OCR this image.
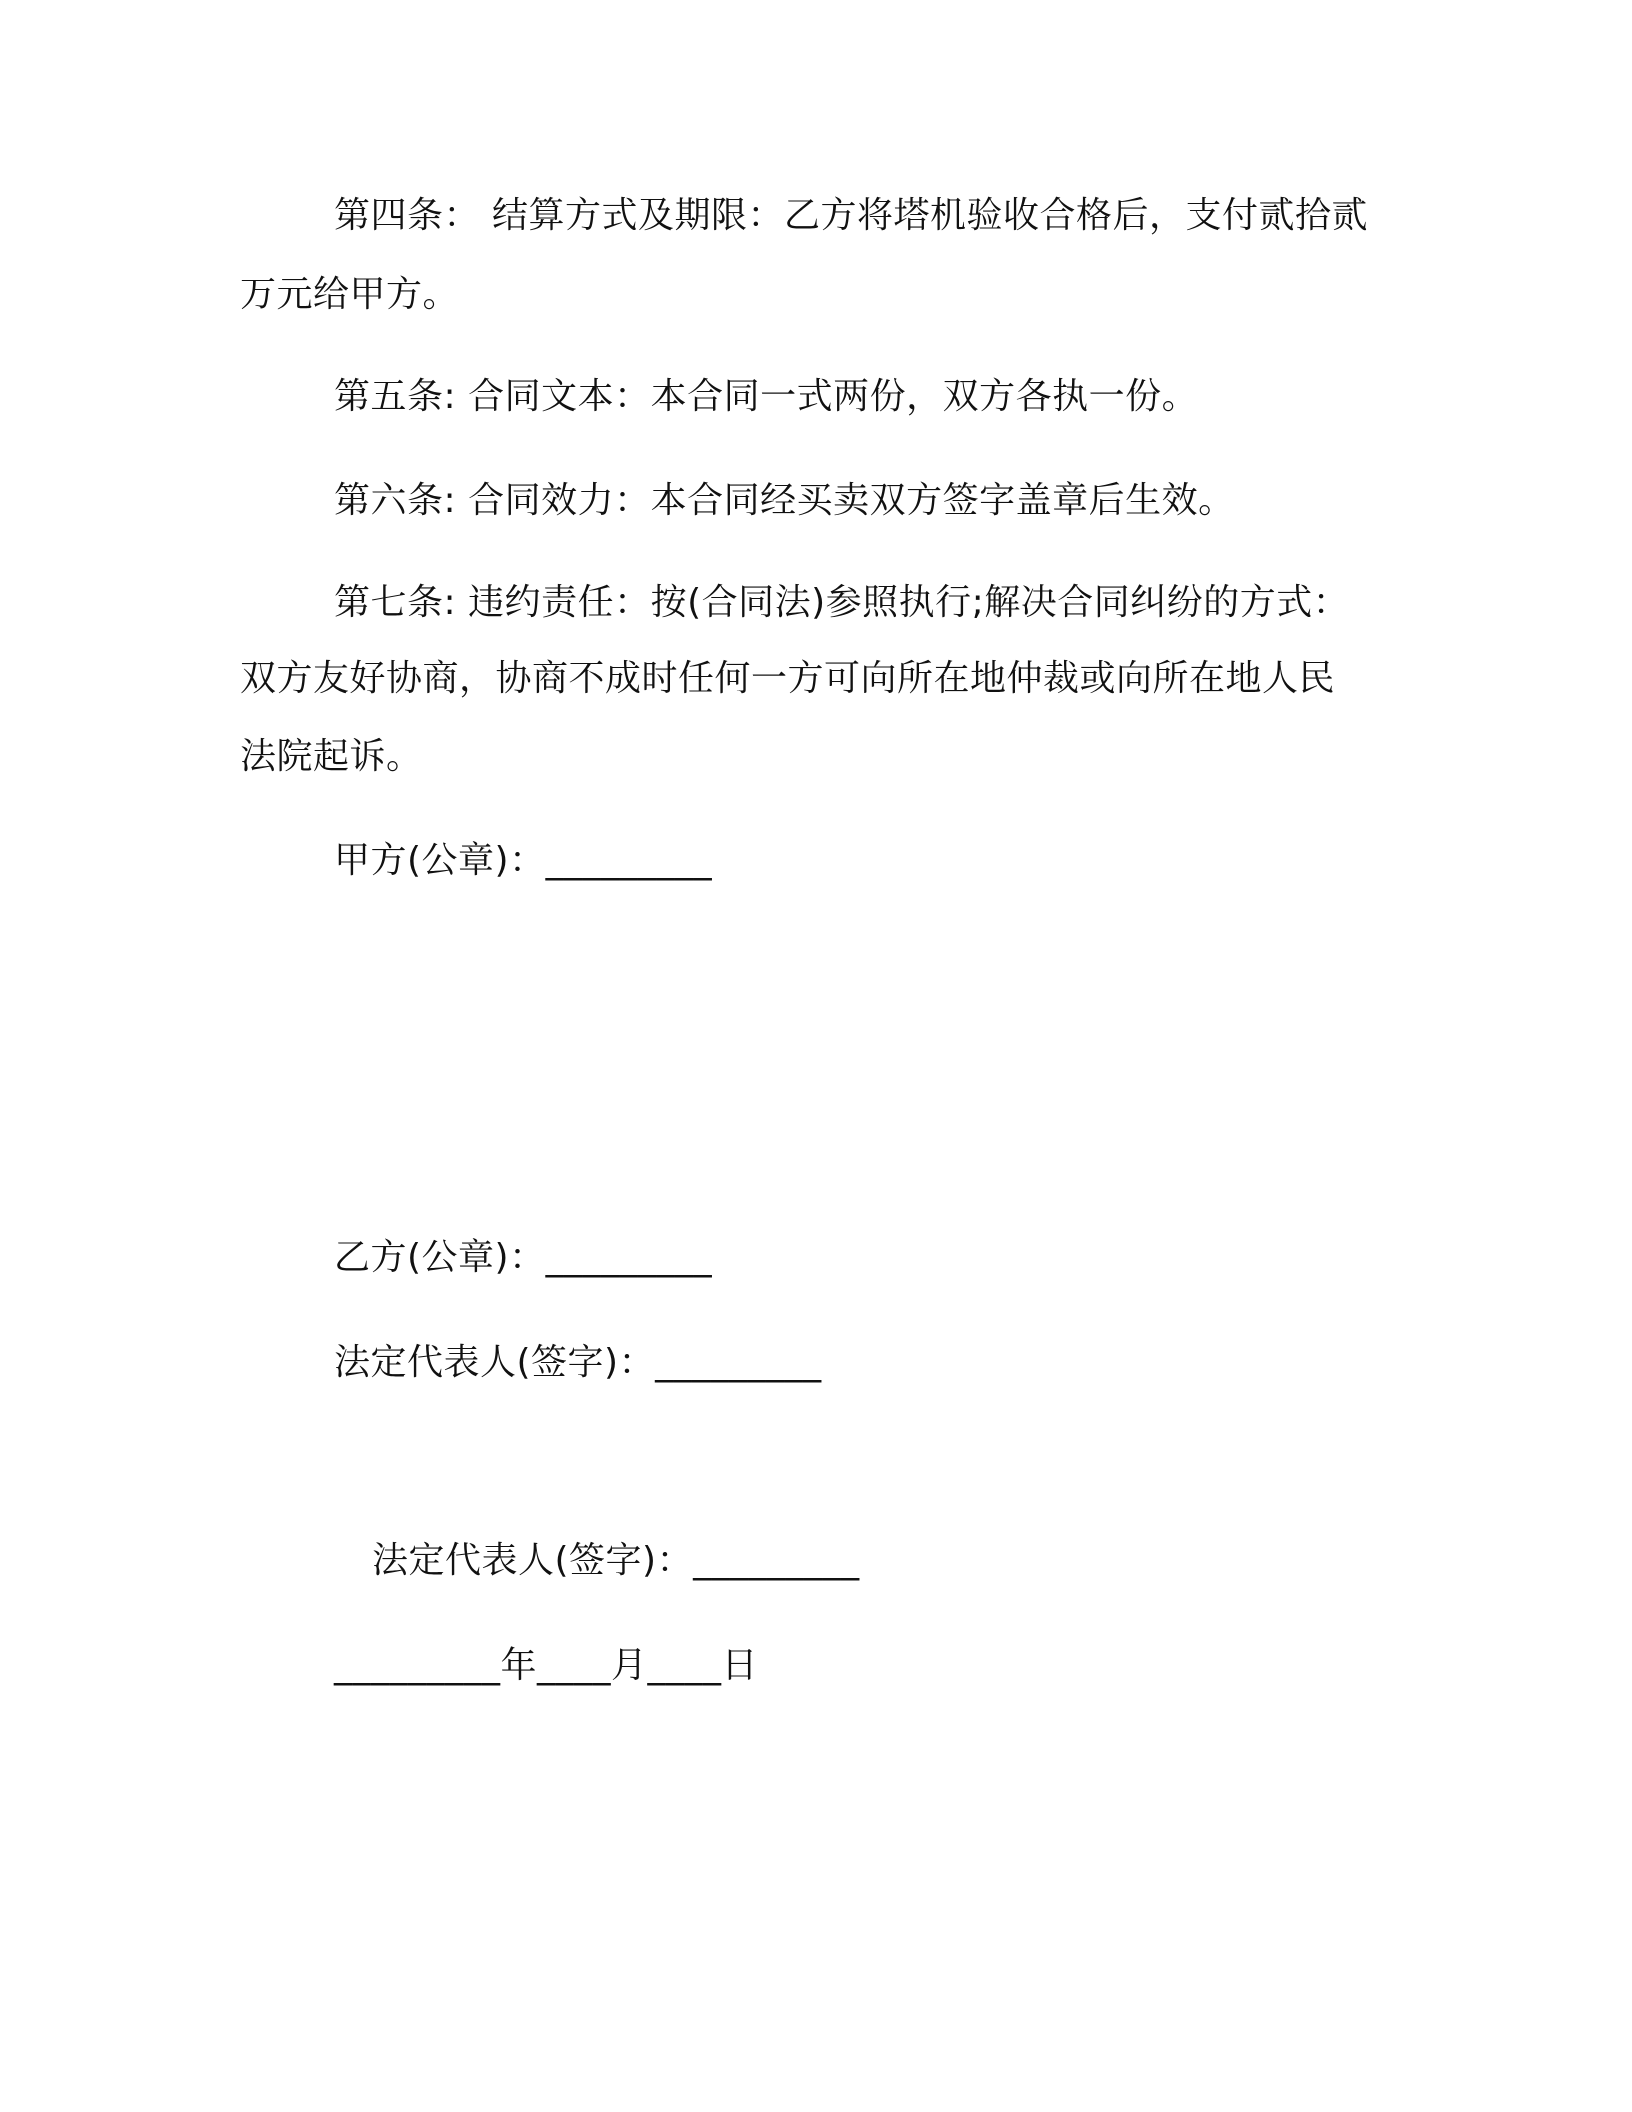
第四条： 结算方式及期限：乙方将塔机验收合格后，支付贰拾贰
万元给甲方。
第五条: 合同文本：本合同一式两份，双方各执一份。
第六条: 合同效力：本合同经买卖双方签字盖章后生效。
第七条: 违约责任：按(合同法)参照执行;解决合同纠纷的方式：
双方友好协商，协商不成时任何一方可向所在地仲裁或向所在地人民
法院起诉。
甲方(公章)：_________
乙方(公章)：_________
法定代表人(签字)：_________
法定代表人(签字)：_________
_________年____月____日
